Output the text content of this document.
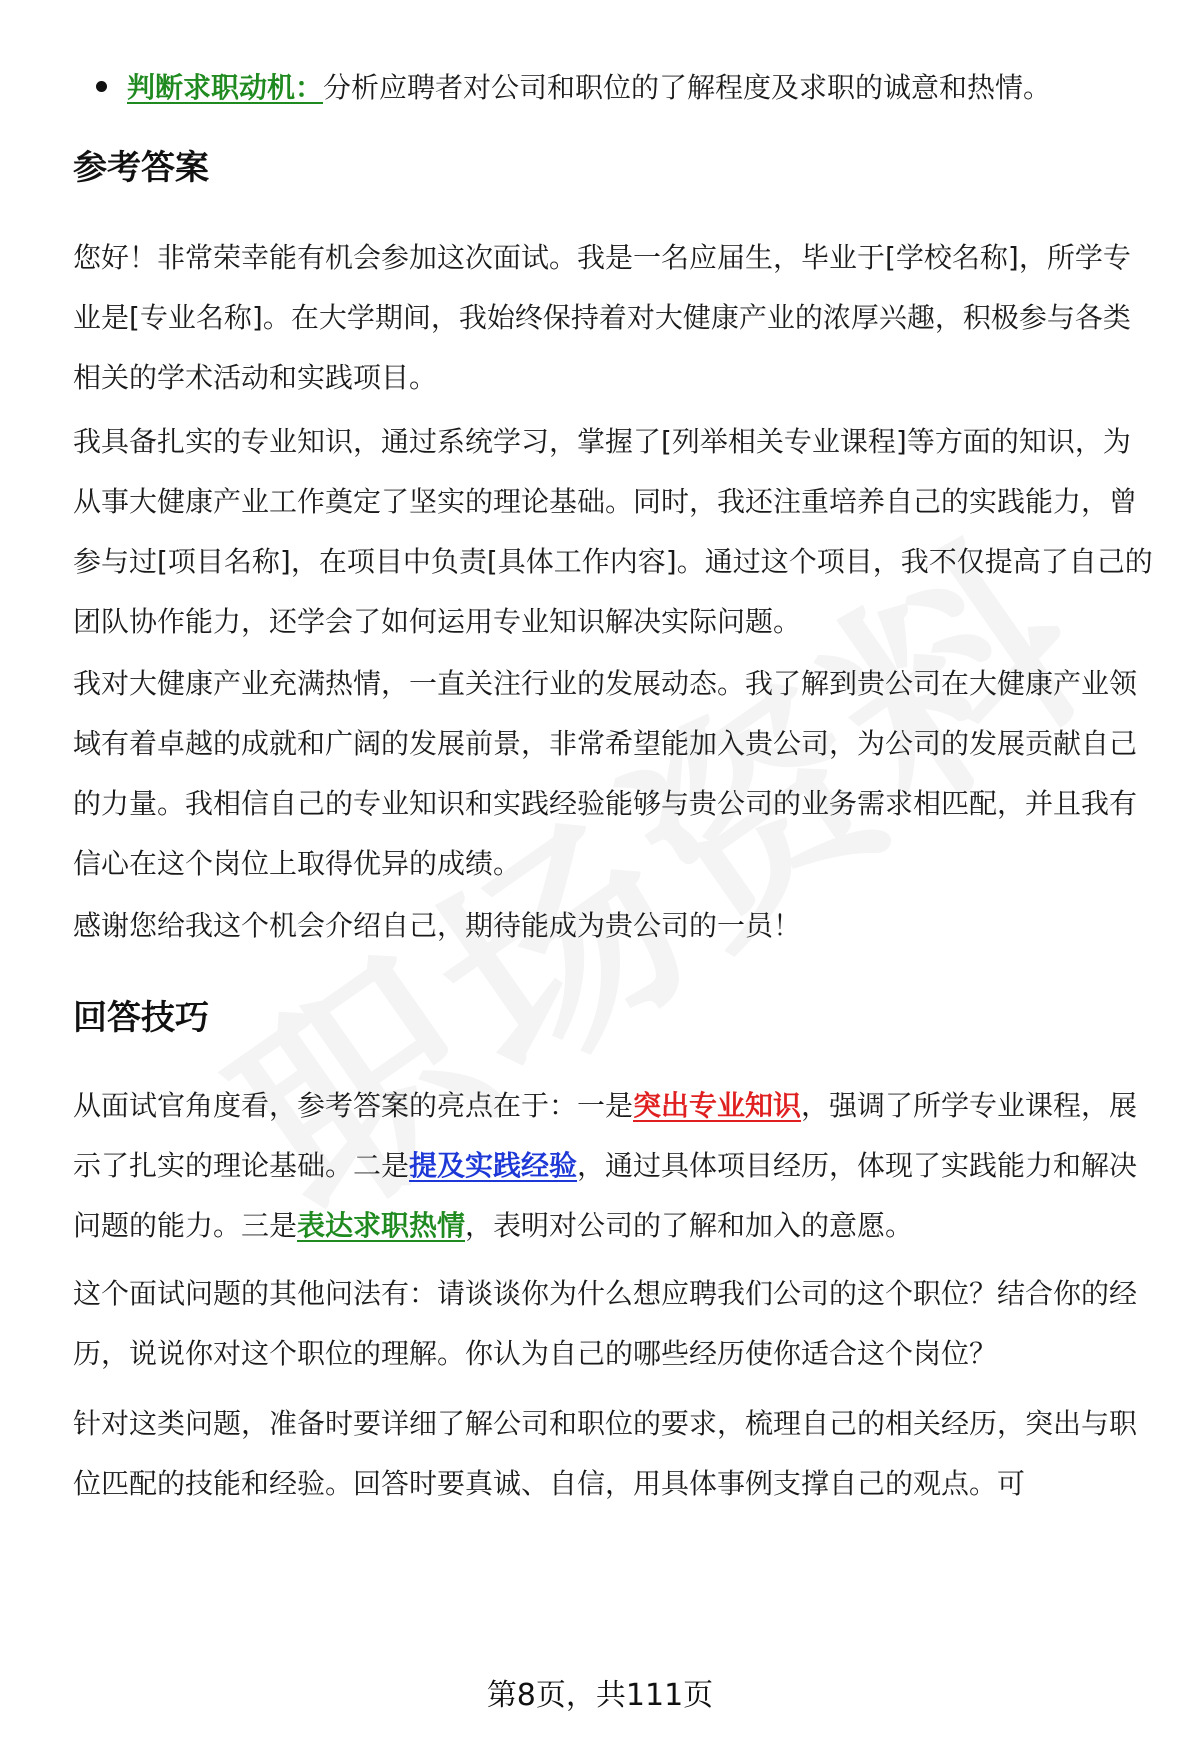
判断求职动机：分析应聘者对公司和职位的了解程度及求职的诚意和热情。
参考答案

您好！非常荣幸能有机会参加这次面试。我是一名应届生，毕业于[学校名称]，所学专业是[专业名称]。在大学期间，我始终保持着对大健康产业的浓厚兴趣，积极参与各类相关的学术活动和实践项目。

我具备扎实的专业知识，通过系统学习，掌握了[列举相关专业课程]等方面的知识，为从事大健康产业工作奠定了坚实的理论基础。同时，我还注重培养自己的实践能力，曾参与过[项目名称]，在项目中负责[具体工作内容]。通过这个项目，我不仅提高了自己的团队协作能力，还学会了如何运用专业知识解决实际问题。

我对大健康产业充满热情，一直关注行业的发展动态。我了解到贵公司在大健康产业领域有着卓越的成就和广阔的发展前景，非常希望能加入贵公司，为公司的发展贡献自己的力量。我相信自己的专业知识和实践经验能够与贵公司的业务需求相匹配，并且我有信心在这个岗位上取得优异的成绩。

感谢您给我这个机会介绍自己，期待能成为贵公司的一员！

回答技巧

从面试官角度看，参考答案的亮点在于：一是突出专业知识，强调了所学专业课程，展示了扎实的理论基础。二是提及实践经验，通过具体项目经历，体现了实践能力和解决问题的能力。三是表达求职热情，表明对公司的了解和加入的意愿。

这个面试问题的其他问法有：请谈谈你为什么想应聘我们公司的这个职位？结合你的经历，说说你对这个职位的理解。你认为自己的哪些经历使你适合这个岗位？

针对这类问题，准备时要详细了解公司和职位的要求，梳理自己的相关经历，突出与职位匹配的技能和经验。回答时要真诚、自信，用具体事例支撑自己的观点。可

第8页，共111页
